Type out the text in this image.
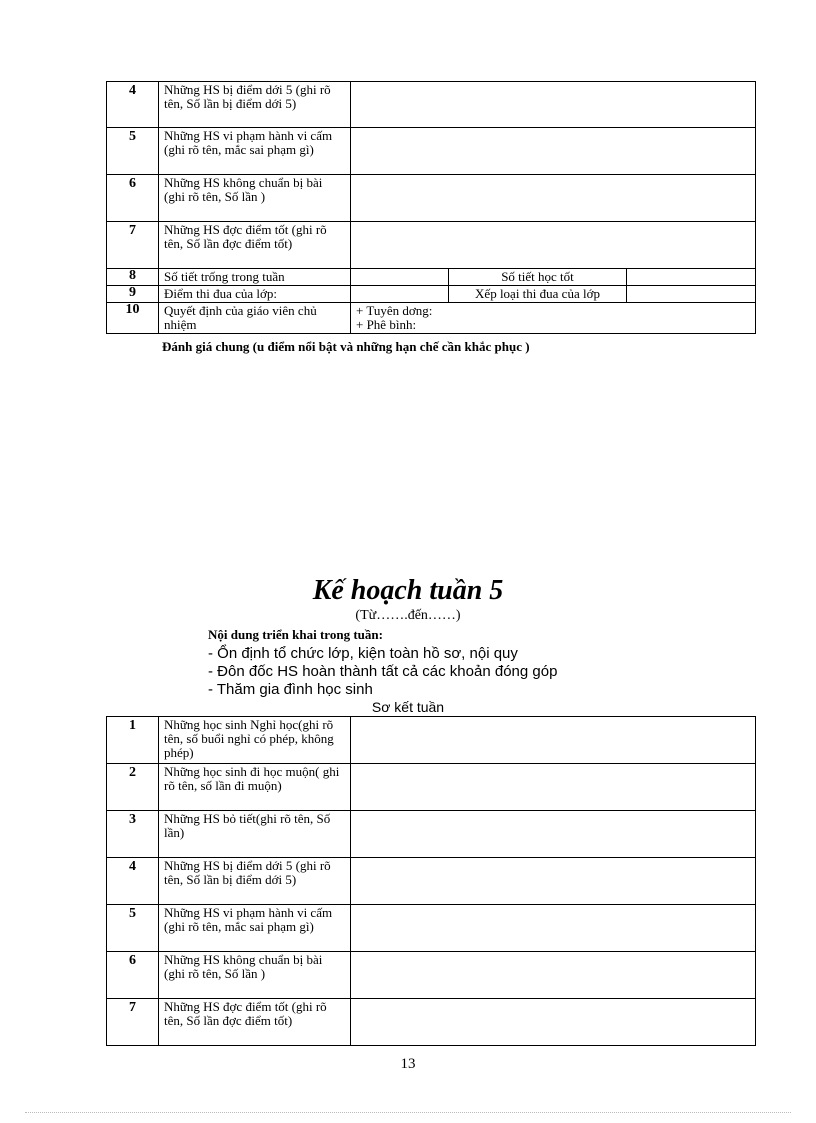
4	Những HS bị điểm dới 5 (ghi rõ tên, Số lần bị điểm dới 5)			
5	Những HS vi phạm hành vi cấm (ghi rõ tên, mắc sai phạm gì)			
6	Những HS không chuẩn bị bài (ghi rõ tên, Số lần )			
7	Những HS đợc điểm tốt (ghi rõ tên, Số lần đợc điểm tốt)			
8	Số tiết trống trong tuần		Số tiết học tốt	
9	Điểm thi đua của lớp:		Xếp loại thi đua của lớp	
10	Quyết định của giáo viên chủ nhiệm	+ Tuyên dơng:
+ Phê bình:		
Đánh giá chung (u điểm nổi bật và những hạn chế cần khắc phục )
Kế hoạch tuần 5
(Từ…….đến……)
Nội dung triển khai trong tuần:
- Ổn định tổ chức lớp, kiện toàn hồ sơ, nội quy
- Đôn đốc HS hoàn thành tất cả các khoản đóng góp
- Thăm gia đình học sinh
Sơ kết tuần
1	Những học sinh Nghỉ học(ghi rõ tên, số buổi nghỉ có phép, không phép)	
2	Những học sinh đi học muộn( ghi rõ tên, số lần đi muộn)	
3	Những HS bỏ tiết(ghi rõ tên, Số lần)	
4	Những HS bị điểm dới 5 (ghi rõ tên, Số lần bị điểm dới 5)	
5	Những HS vi phạm hành vi cấm (ghi rõ tên, mắc sai phạm gì)	
6	Những HS không chuẩn bị bài (ghi rõ tên, Số lần )	
7	Những HS đợc điểm tốt (ghi rõ tên, Số lần đợc điểm tốt)	
13
